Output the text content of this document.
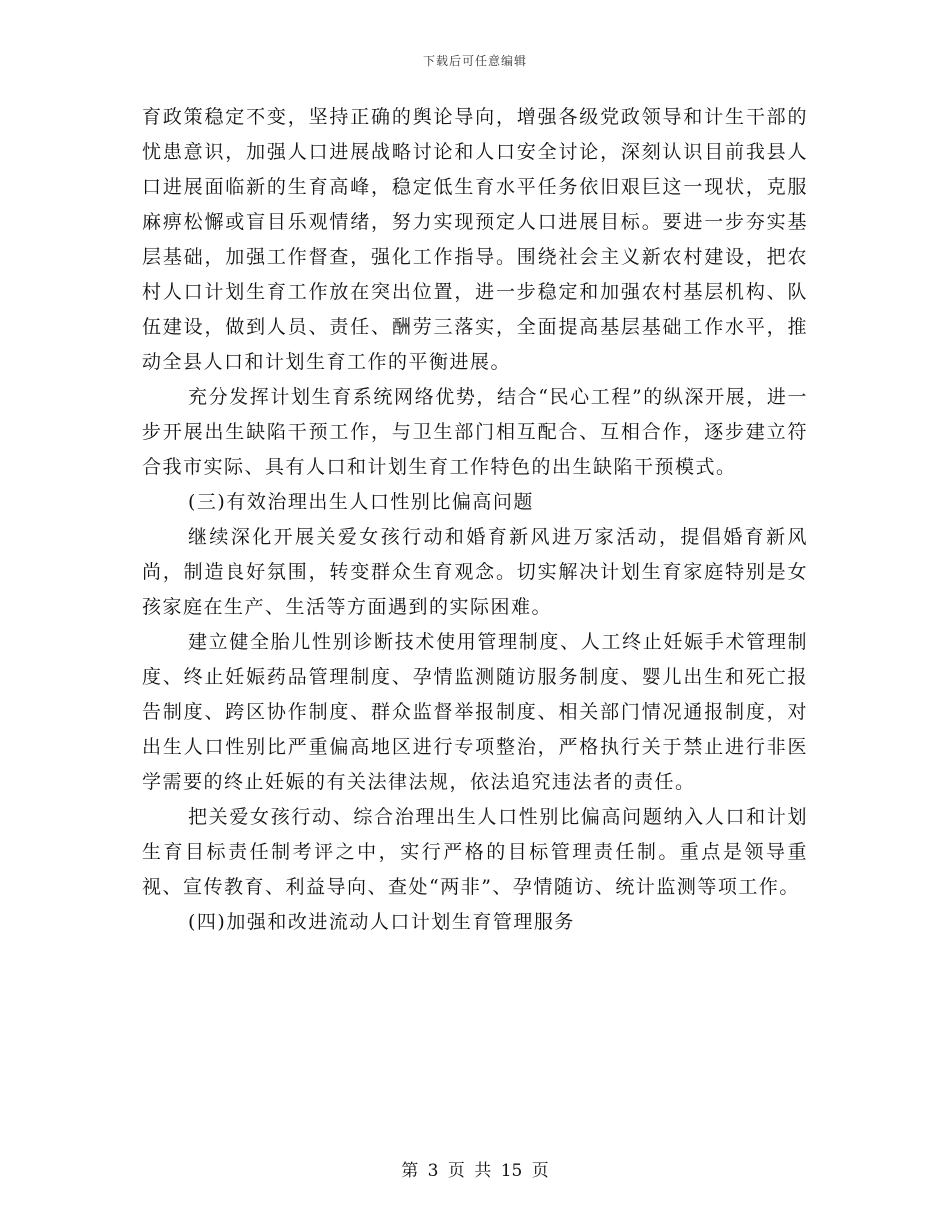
下载后可任意编辑

育政策稳定不变，坚持正确的舆论导向，增强各级党政领导和计生干部的忧患意识，加强人口进展战略讨论和人口安全讨论，深刻认识目前我县人口进展面临新的生育高峰，稳定低生育水平任务依旧艰巨这一现状，克服麻痹松懈或盲目乐观情绪，努力实现预定人口进展目标。要进一步夯实基层基础，加强工作督查，强化工作指导。围绕社会主义新农村建设，把农村人口计划生育工作放在突出位置，进一步稳定和加强农村基层机构、队伍建设，做到人员、责任、酬劳三落实，全面提高基层基础工作水平，推动全县人口和计划生育工作的平衡进展。

充分发挥计划生育系统网络优势，结合“民心工程”的纵深开展，进一步开展出生缺陷干预工作，与卫生部门相互配合、互相合作，逐步建立符合我市实际、具有人口和计划生育工作特色的出生缺陷干预模式。

(三)有效治理出生人口性别比偏高问题

继续深化开展关爱女孩行动和婚育新风进万家活动，提倡婚育新风尚，制造良好氛围，转变群众生育观念。切实解决计划生育家庭特别是女孩家庭在生产、生活等方面遇到的实际困难。

建立健全胎儿性别诊断技术使用管理制度、人工终止妊娠手术管理制度、终止妊娠药品管理制度、孕情监测随访服务制度、婴儿出生和死亡报告制度、跨区协作制度、群众监督举报制度、相关部门情况通报制度，对出生人口性别比严重偏高地区进行专项整治，严格执行关于禁止进行非医学需要的终止妊娠的有关法律法规，依法追究违法者的责任。

把关爱女孩行动、综合治理出生人口性别比偏高问题纳入人口和计划生育目标责任制考评之中，实行严格的目标管理责任制。重点是领导重视、宣传教育、利益导向、查处“两非”、孕情随访、统计监测等项工作。

(四)加强和改进流动人口计划生育管理服务

第 3 页 共 15 页
